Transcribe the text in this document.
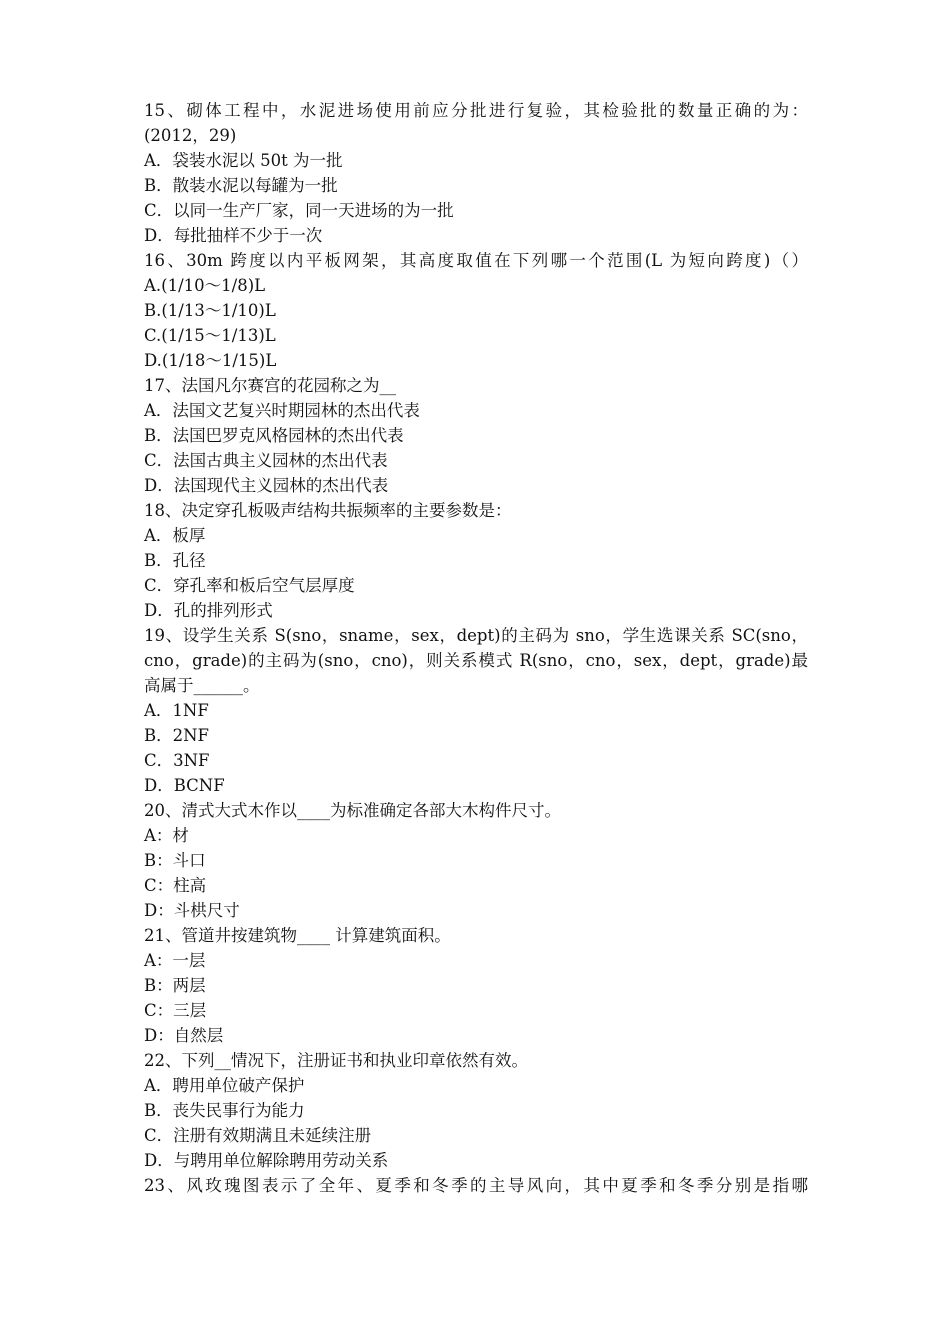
15、砌体工程中，水泥进场使用前应分批进行复验，其检验批的数量正确的为：
(2012，29)
A．袋装水泥以 50t 为一批
B．散装水泥以每罐为一批
C．以同一生产厂家，同一天进场的为一批
D．每批抽样不少于一次
16、30m 跨度以内平板网架，其高度取值在下列哪一个范围(L 为短向跨度)（）
A.(1/10～1/8)L
B.(1/13～1/10)L
C.(1/15～1/13)L
D.(1/18～1/15)L
17、法国凡尔赛宫的花园称之为__
A．法国文艺复兴时期园林的杰出代表
B．法国巴罗克风格园林的杰出代表
C．法国古典主义园林的杰出代表
D．法国现代主义园林的杰出代表
18、决定穿孔板吸声结构共振频率的主要参数是：
A．板厚
B．孔径
C．穿孔率和板后空气层厚度
D．孔的排列形式
19、设学生关系 S(sno，sname，sex，dept)的主码为 sno，学生选课关系 SC(sno，
cno，grade)的主码为(sno，cno)，则关系模式 R(sno，cno，sex，dept，grade)最
高属于______。
A．1NF
B．2NF
C．3NF
D．BCNF
20、清式大式木作以____为标准确定各部大木构件尺寸。
A：材
B：斗口
C：柱高
D：斗栱尺寸
21、管道井按建筑物____ 计算建筑面积。
A：一层
B：两层
C：三层
D：自然层
22、下列__情况下，注册证书和执业印章依然有效。
A．聘用单位破产保护
B．丧失民事行为能力
C．注册有效期满且未延续注册
D．与聘用单位解除聘用劳动关系
23、风玫瑰图表示了全年、夏季和冬季的主导风向，其中夏季和冬季分别是指哪
